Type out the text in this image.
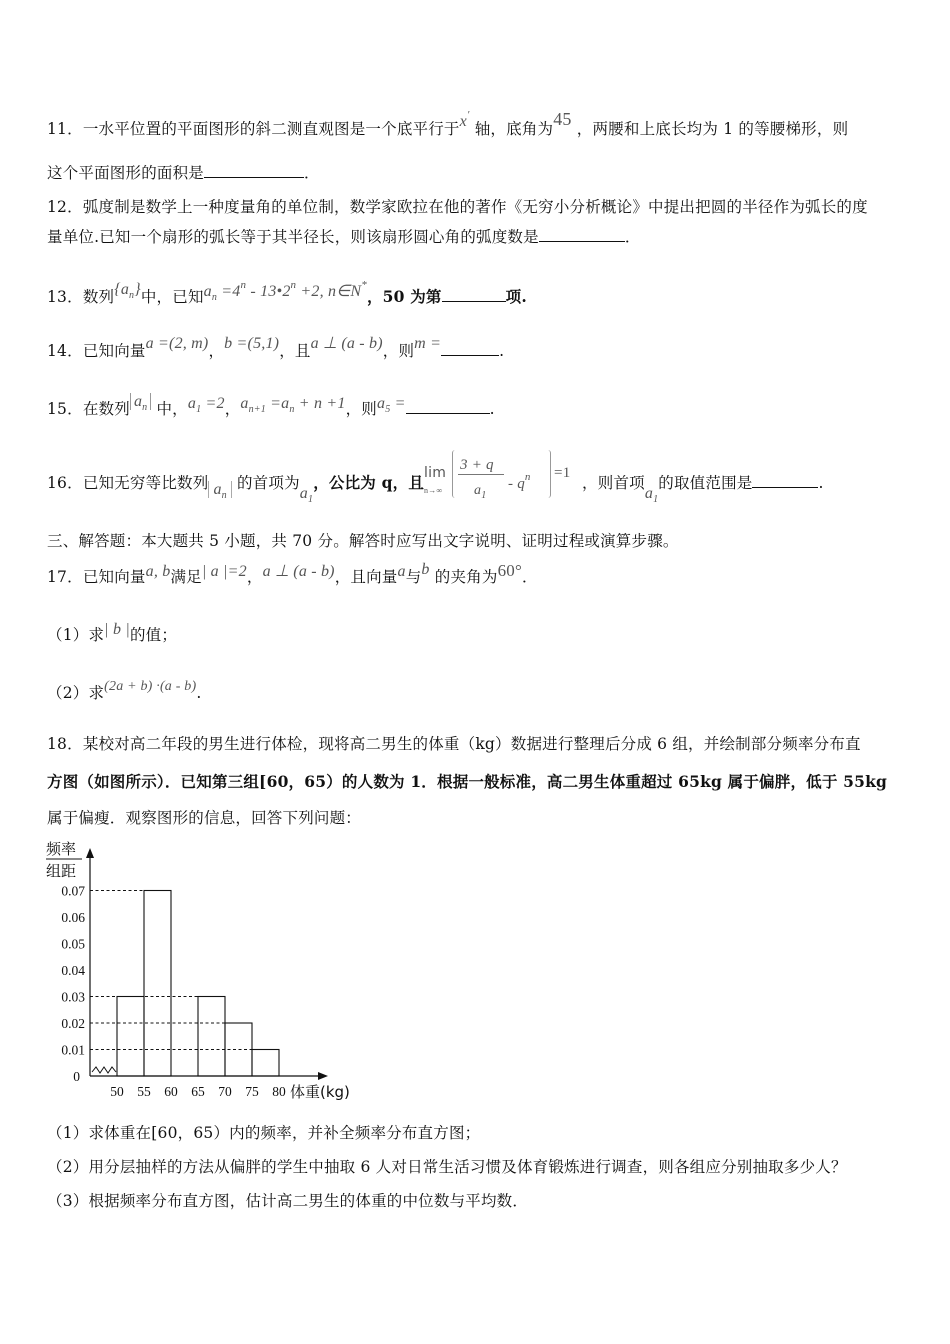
11．一水平位置的平面图形的斜二测直观图是一个底平行于x′ 轴，底角为45 ，两腰和上底长均为 1 的等腰梯形，则
这个平面图形的面积是	．
12．弧度制是数学上一种度量角的单位制，数学家欧拉在他的著作《无穷小分析概论》中提出把圆的半径作为弧长的度
量单位.已知一个扇形的弧长等于其半径长，则该扇形圆心角的弧度数是	．
13．数列$\{a_n\}$中，已知$a_n =4^n$ - $13•2^n +2$, n∈N*，50 为第	项.
14．已知向量a =(2, m)，b =(5,1)，且a ⊥ (a - b)，则m =	.
15．在数列 $a_n$ 中，$a_1 =2$，$a_{n+1} =a_n + n +1$，则$a_5$ =	.
16．已知无穷等比数列 $a_n$ 的首项为$a_1$，公比为 q，且 lim
n→∞
3 + q
$a_1$
- $q^n =1$
，则首项$a_1$的取值范围是	.
三、解答题：本大题共 5 小题，共 70 分。解答时应写出文字说明、证明过程或演算步骤。
17．已知向量a, b满足| a |=2，a ⊥ (a - b)，且向量a与b 的夹角为60°．
（1）求| b |的值；
（2）求(2a + b) ·(a - b).
18．某校对高二年段的男生进行体检，现将高二男生的体重（kg）数据进行整理后分成 6 组，并绘制部分频率分布直
方图（如图所示）．已知第三组[60，65）的人数为 1．根据一般标准，高二男生体重超过 65kg 属于偏胖，低于 55kg
属于偏瘦．观察图形的信息，回答下列问题：
0.01
0.02
0.03
0.04
0.05
0.06
0.07
0
50 55 60 65 70 75 80 体重(kg)
频率
组距
（1）求体重在[60，65）内的频率，并补全频率分布直方图；
（2）用分层抽样的方法从偏胖的学生中抽取 6 人对日常生活习惯及体育锻炼进行调查，则各组应分别抽取多少人？
（3）根据频率分布直方图，估计高二男生的体重的中位数与平均数．
